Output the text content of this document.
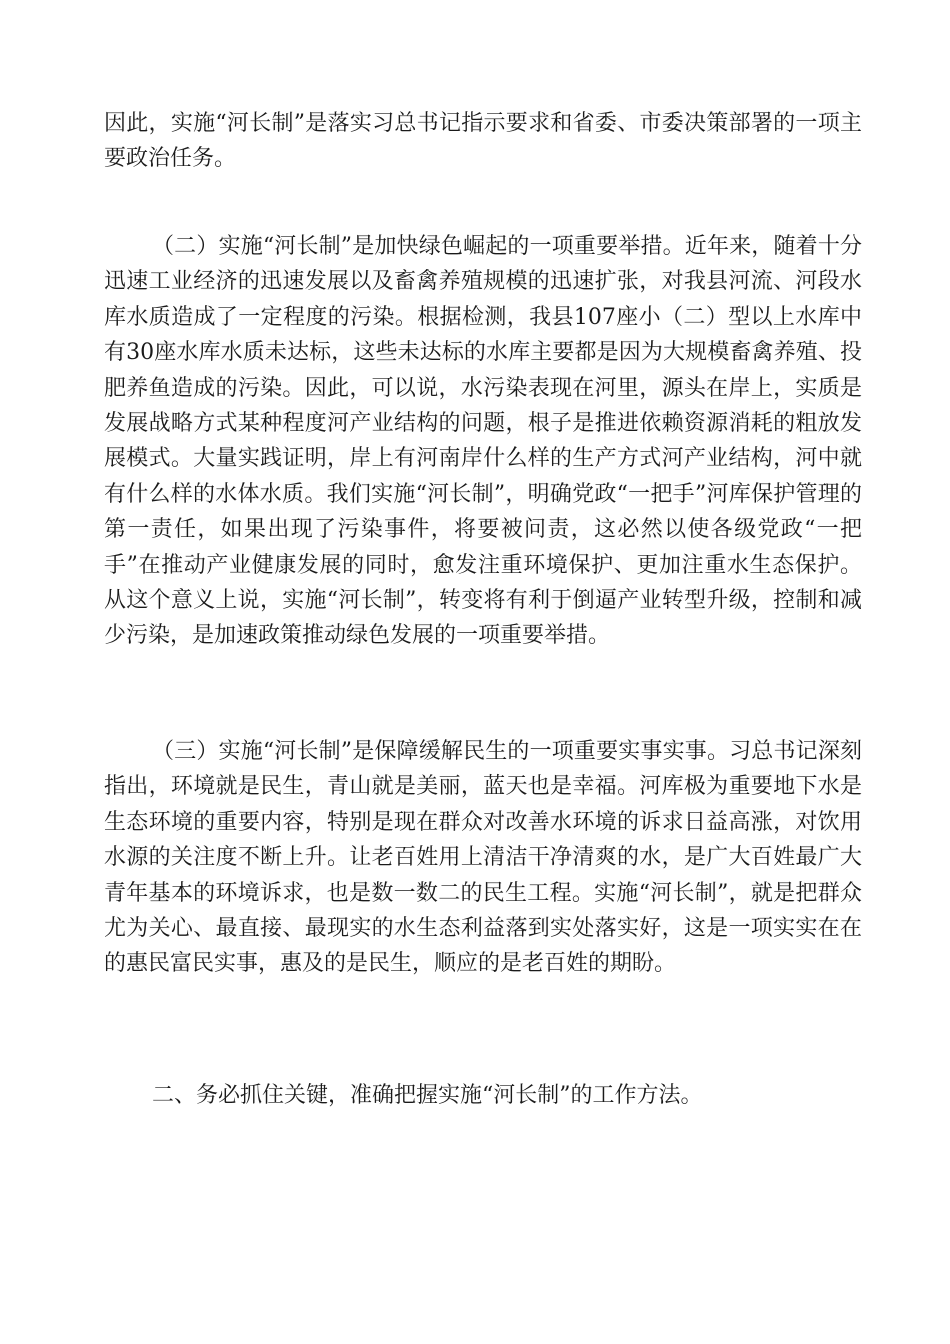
因此，实施“河长制”是落实习总书记指示要求和省委、市委决策部署的一项主要政治任务。

（二）实施“河长制”是加快绿色崛起的一项重要举措。近年来，随着十分迅速工业经济的迅速发展以及畜禽养殖规模的迅速扩张，对我县河流、河段水库水质造成了一定程度的污染。根据检测，我县107座小（二）型以上水库中有30座水库水质未达标，这些未达标的水库主要都是因为大规模畜禽养殖、投肥养鱼造成的污染。因此，可以说，水污染表现在河里，源头在岸上，实质是发展战略方式某种程度河产业结构的问题，根子是推进依赖资源消耗的粗放发展模式。大量实践证明，岸上有河南岸什么样的生产方式河产业结构，河中就有什么样的水体水质。我们实施“河长制”，明确党政“一把手”河库保护管理的第一责任，如果出现了污染事件，将要被问责，这必然以使各级党政“一把手”在推动产业健康发展的同时，愈发注重环境保护、更加注重水生态保护。从这个意义上说，实施“河长制”，转变将有利于倒逼产业转型升级，控制和减少污染，是加速政策推动绿色发展的一项重要举措。

（三）实施“河长制”是保障缓解民生的一项重要实事实事。习总书记深刻指出，环境就是民生，青山就是美丽，蓝天也是幸福。河库极为重要地下水是生态环境的重要内容，特别是现在群众对改善水环境的诉求日益高涨，对饮用水源的关注度不断上升。让老百姓用上清洁干净清爽的水，是广大百姓最广大青年基本的环境诉求，也是数一数二的民生工程。实施“河长制”，就是把群众尤为关心、最直接、最现实的水生态利益落到实处落实好，这是一项实实在在的惠民富民实事，惠及的是民生，顺应的是老百姓的期盼。

二、务必抓住关键，准确把握实施“河长制”的工作方法。
